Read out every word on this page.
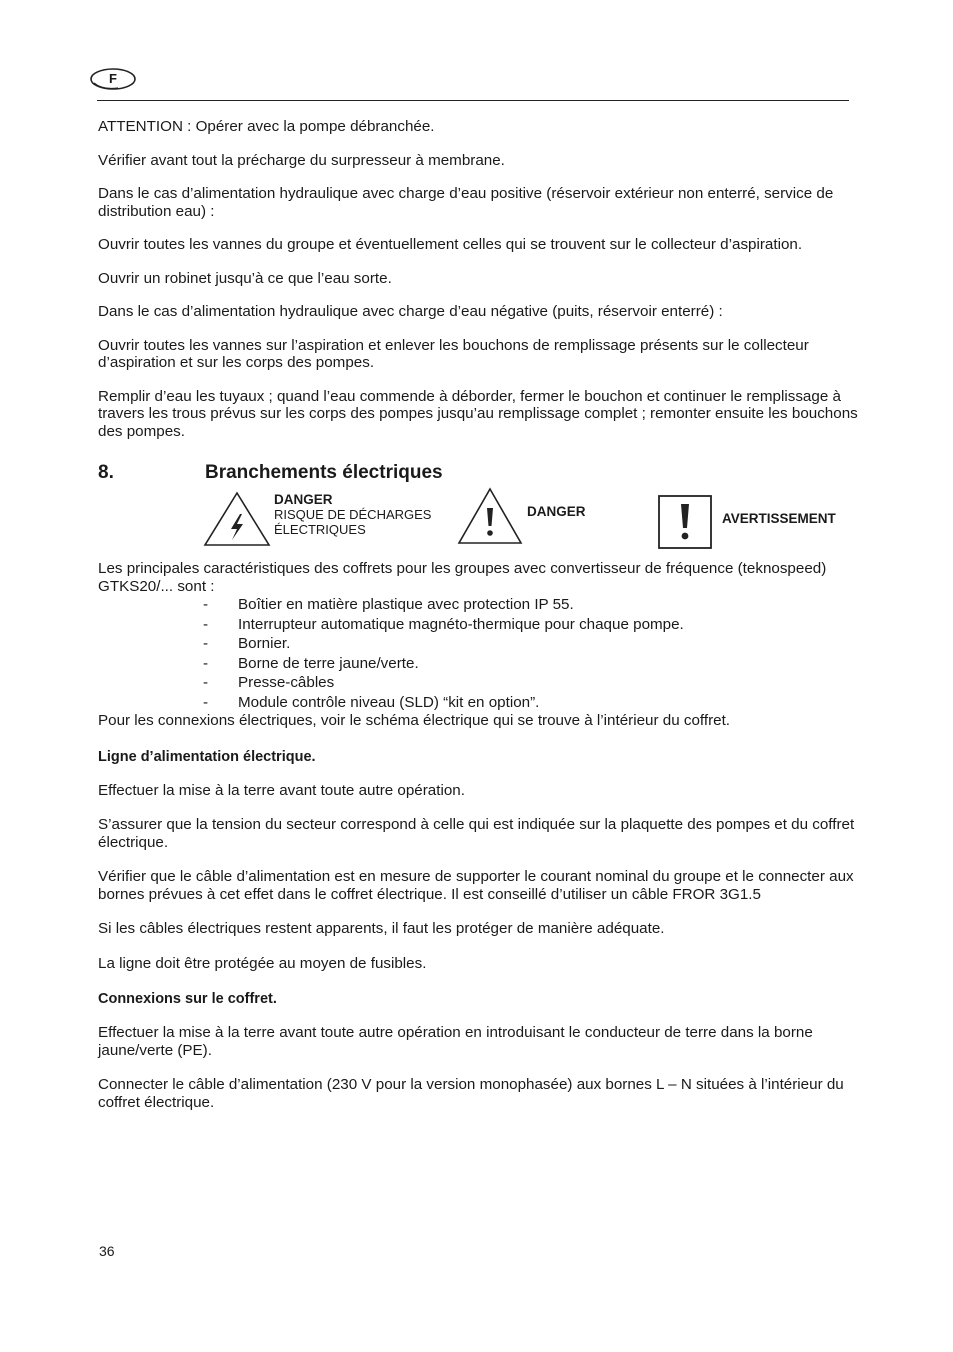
F

ATTENTION : Opérer avec la pompe débranchée.

Vérifier avant tout la précharge du surpresseur à membrane.

Dans le cas d’alimentation hydraulique avec charge d’eau positive (réservoir extérieur non enterré, service de distribution eau) :

Ouvrir toutes les vannes du groupe et éventuellement celles qui se trouvent sur le collecteur d’aspiration.

Ouvrir un robinet jusqu’à ce que l’eau sorte.

Dans le cas d’alimentation hydraulique avec charge d’eau négative (puits, réservoir enterré) :

Ouvrir toutes les vannes sur l’aspiration et enlever les bouchons de remplissage présents sur le collecteur d’aspiration et sur les corps des pompes.

Remplir d’eau les tuyaux ; quand l’eau commende à déborder, fermer le bouchon et continuer le remplissage à travers les trous prévus sur les corps des pompes jusqu’au remplissage complet ; remonter ensuite les bouchons des pompes.

8.	Branchements électriques
DANGER
RISQUE DE DÉCHARGES
ÉLECTRIQUES
DANGER	AVERTISSEMENT

Les principales caractéristiques des coffrets pour les groupes avec convertisseur de fréquence (teknospeed) GTKS20/... sont :

- Boîtier en matière plastique avec protection IP 55.
- Interrupteur automatique magnéto-thermique pour chaque pompe.
- Bornier.
- Borne de terre jaune/verte.
- Presse-câbles
- Module contrôle niveau (SLD) “kit en option”.

Pour les connexions électriques, voir le schéma électrique qui se trouve à l’intérieur du coffret.

Ligne d’alimentation électrique.

Effectuer la mise à la terre avant toute autre opération.

S’assurer que la tension du secteur correspond à celle qui est indiquée sur la plaquette des pompes et du coffret électrique.

Vérifier que le câble d’alimentation est en mesure de supporter le courant nominal du groupe et le connecter aux bornes prévues à cet effet dans le coffret électrique. Il est conseillé d’utiliser un câble FROR 3G1.5

Si les câbles électriques restent apparents, il faut les protéger de manière adéquate.

La ligne doit être protégée au moyen de fusibles.

Connexions sur le coffret.

Effectuer la mise à la terre avant toute autre opération en introduisant le conducteur de terre dans la borne jaune/verte (PE).

Connecter le câble d’alimentation (230 V pour la version monophasée) aux bornes L – N situées à l’intérieur du coffret électrique.

36
